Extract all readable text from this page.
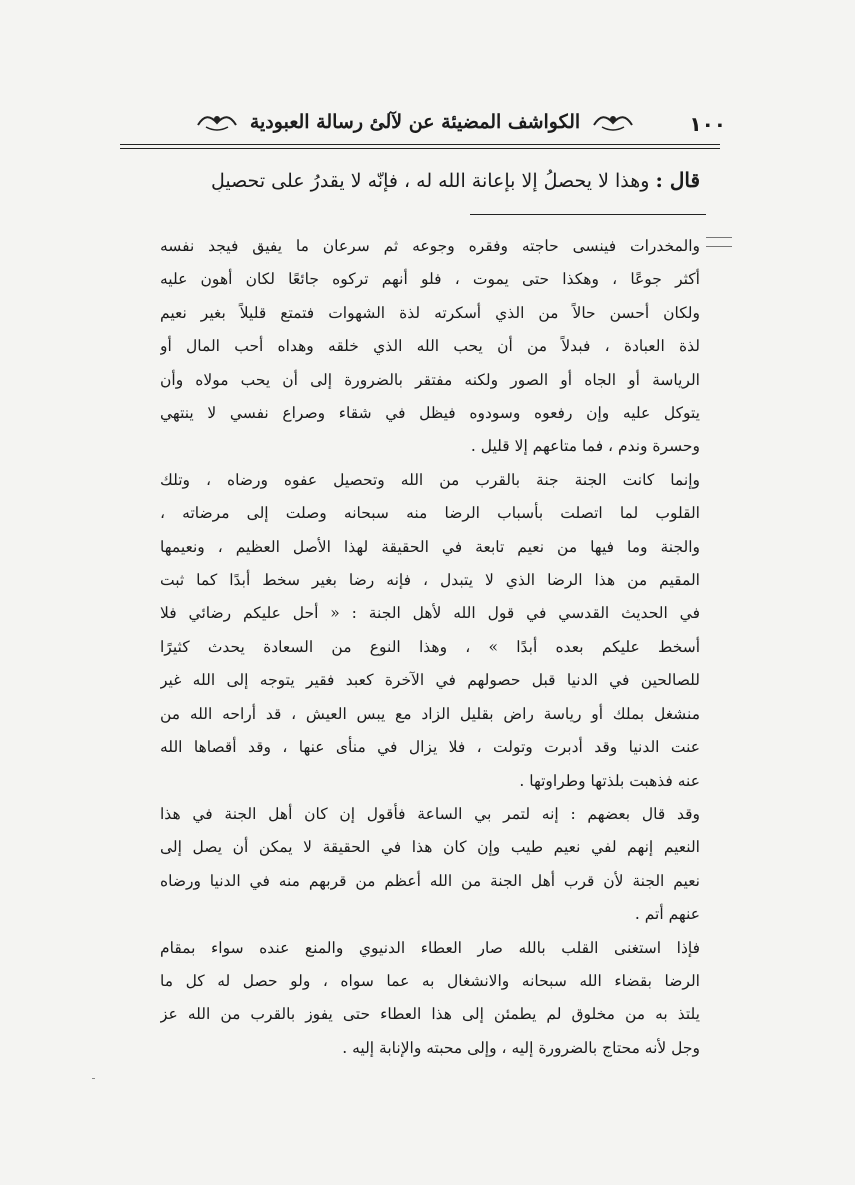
١٠٠
الكواشف المضيئة عن لآلئ رسالة العبودية
قال : وهذا لا يحصلُ إلا بإعانة الله له ، فإنّه لا يقدرُ على تحصيلِ

والمخدرات فينسى حاجته وفقره وجوعه ثم سرعان ما يفيق فيجد نفسه
أكثر جوعًا ، وهكذا حتى يموت ، فلو أنهم تركوه جائعًا لكان أهون عليه
ولكان أحسن حالاً من الذي أسكرته لذة الشهوات فتمتع قليلاً بغير نعيم
لذة العبادة ، فبدلاً من أن يحب الله الذي خلقه وهداه أحب المال أو
الرياسة أو الجاه أو الصور ولكنه مفتقر بالضرورة إلى أن يحب مولاه وأن
يتوكل عليه وإن رفعوه وسودوه فيظل في شقاء وصراع نفسي لا ينتهي
وحسرة وندم ، فما متاعهم إلا قليل .

وإنما كانت الجنة جنة بالقرب من الله وتحصيل عفوه ورضاه ، وتلك
القلوب لما اتصلت بأسباب الرضا منه سبحانه وصلت إلى مرضاته ،
والجنة وما فيها من نعيم تابعة في الحقيقة لهذا الأصل العظيم ، ونعيمها
المقيم من هذا الرضا الذي لا يتبدل ، فإنه رضا بغير سخط أبدًا كما ثبت
في الحديث القدسي في قول الله لأهل الجنة : « أحل عليكم رضائي فلا
أسخط عليكم بعده أبدًا » ، وهذا النوع من السعادة يحدث كثيرًا
للصالحين في الدنيا قبل حصولهم في الآخرة كعبد فقير يتوجه إلى الله غير
منشغل بملك أو رياسة راض بقليل الزاد مع يبس العيش ، قد أراحه الله من
عنت الدنيا وقد أدبرت وتولت ، فلا يزال في منأى عنها ، وقد أقصاها الله
عنه فذهبت بلذتها وطراوتها .

وقد قال بعضهم : إنه لتمر بي الساعة فأقول إن كان أهل الجنة في هذا
النعيم إنهم لفي نعيم طيب وإن كان هذا في الحقيقة لا يمكن أن يصل إلى
نعيم الجنة لأن قرب أهل الجنة من الله أعظم من قربهم منه في الدنيا ورضاه
عنهم أتم .

فإذا استغنى القلب بالله صار العطاء الدنيوي والمنع عنده سواء بمقام
الرضا بقضاء الله سبحانه والانشغال به عما سواه ، ولو حصل له كل ما
يلتذ به من مخلوق لم يطمئن إلى هذا العطاء حتى يفوز بالقرب من الله عز
وجل لأنه محتاج بالضرورة إليه ، وإلى محبته والإنابة إليه .
